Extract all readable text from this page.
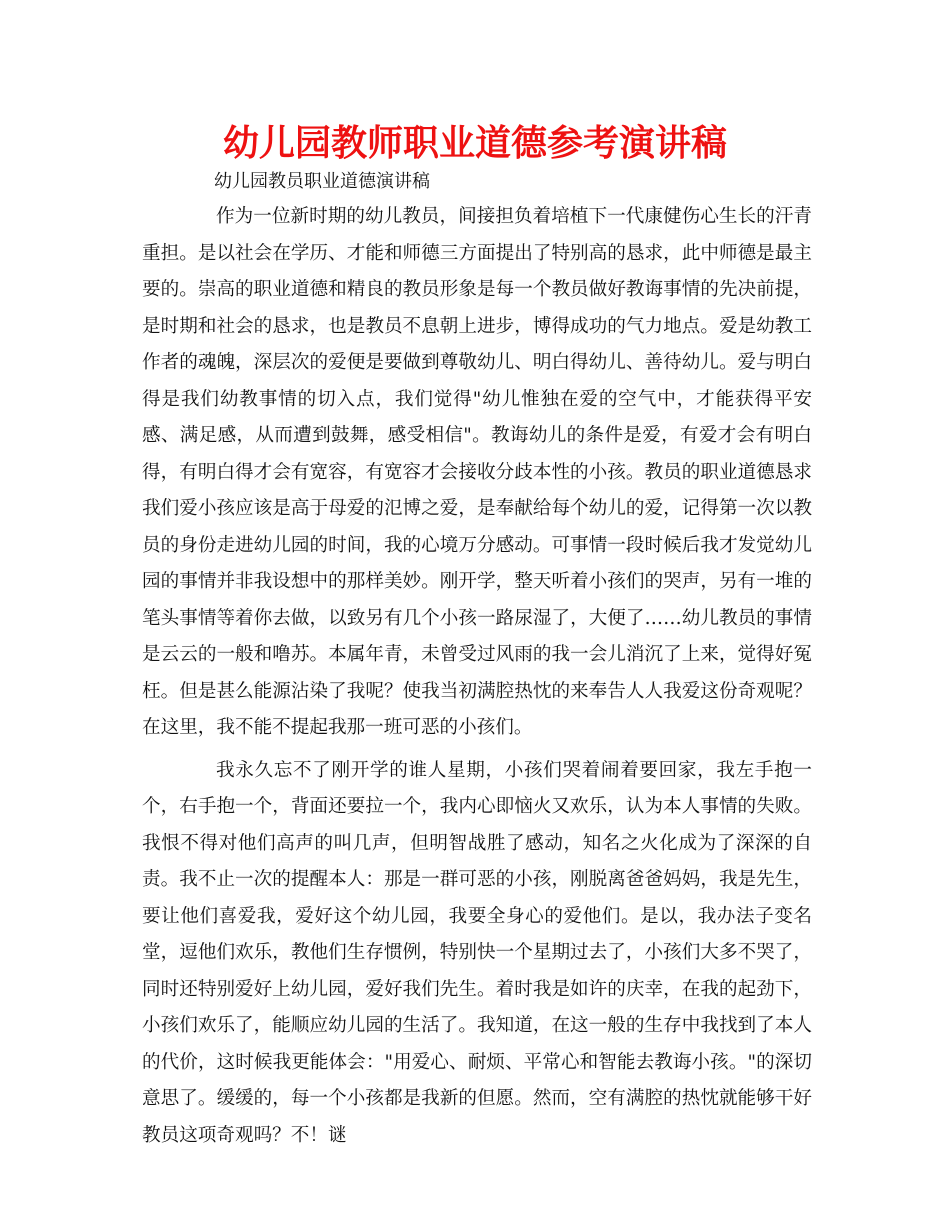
幼儿园教师职业道德参考演讲稿

幼儿园教员职业道德演讲稿

作为一位新时期的幼儿教员，间接担负着培植下一代康健伤心生长的汗青重担。是以社会在学历、才能和师德三方面提出了特别高的恳求，此中师德是最主要的。崇高的职业道德和精良的教员形象是每一个教员做好教诲事情的先决前提，是时期和社会的恳求，也是教员不息朝上进步，博得成功的气力地点。爱是幼教工作者的魂魄，深层次的爱便是要做到尊敬幼儿、明白得幼儿、善待幼儿。爱与明白得是我们幼教事情的切入点，我们觉得"幼儿惟独在爱的空气中，才能获得平安感、满足感，从而遭到鼓舞，感受相信"。教诲幼儿的条件是爱，有爱才会有明白得，有明白得才会有宽容，有宽容才会接收分歧本性的小孩。教员的职业道德恳求我们爱小孩应该是高于母爱的氾博之爱，是奉献给每个幼儿的爱，记得第一次以教员的身份走进幼儿园的时间，我的心境万分感动。可事情一段时候后我才发觉幼儿园的事情并非我设想中的那样美妙。刚开学，整天听着小孩们的哭声，另有一堆的笔头事情等着你去做，以致另有几个小孩一路尿湿了，大便了……幼儿教员的事情是云云的一般和噜苏。本属年青，未曾受过风雨的我一会儿消沉了上来，觉得好冤枉。但是甚么能源沾染了我呢？使我当初满腔热忱的来奉告人人我爱这份奇观呢？在这里，我不能不提起我那一班可恶的小孩们。

我永久忘不了刚开学的谁人星期，小孩们哭着闹着要回家，我左手抱一个，右手抱一个，背面还要拉一个，我内心即恼火又欢乐，认为本人事情的失败。我恨不得对他们高声的叫几声，但明智战胜了感动，知名之火化成为了深深的自责。我不止一次的提醒本人：那是一群可恶的小孩，刚脱离爸爸妈妈，我是先生，要让他们喜爱我，爱好这个幼儿园，我要全身心的爱他们。是以，我办法子变名堂，逗他们欢乐，教他们生存惯例，特别快一个星期过去了，小孩们大多不哭了，同时还特别爱好上幼儿园，爱好我们先生。着时我是如许的庆幸，在我的起劲下，小孩们欢乐了，能顺应幼儿园的生活了。我知道，在这一般的生存中我找到了本人的代价，这时候我更能体会："用爱心、耐烦、平常心和智能去教诲小孩。"的深切意思了。缓缓的，每一个小孩都是我新的但愿。然而，空有满腔的热忱就能够干好教员这项奇观吗？不！谜
